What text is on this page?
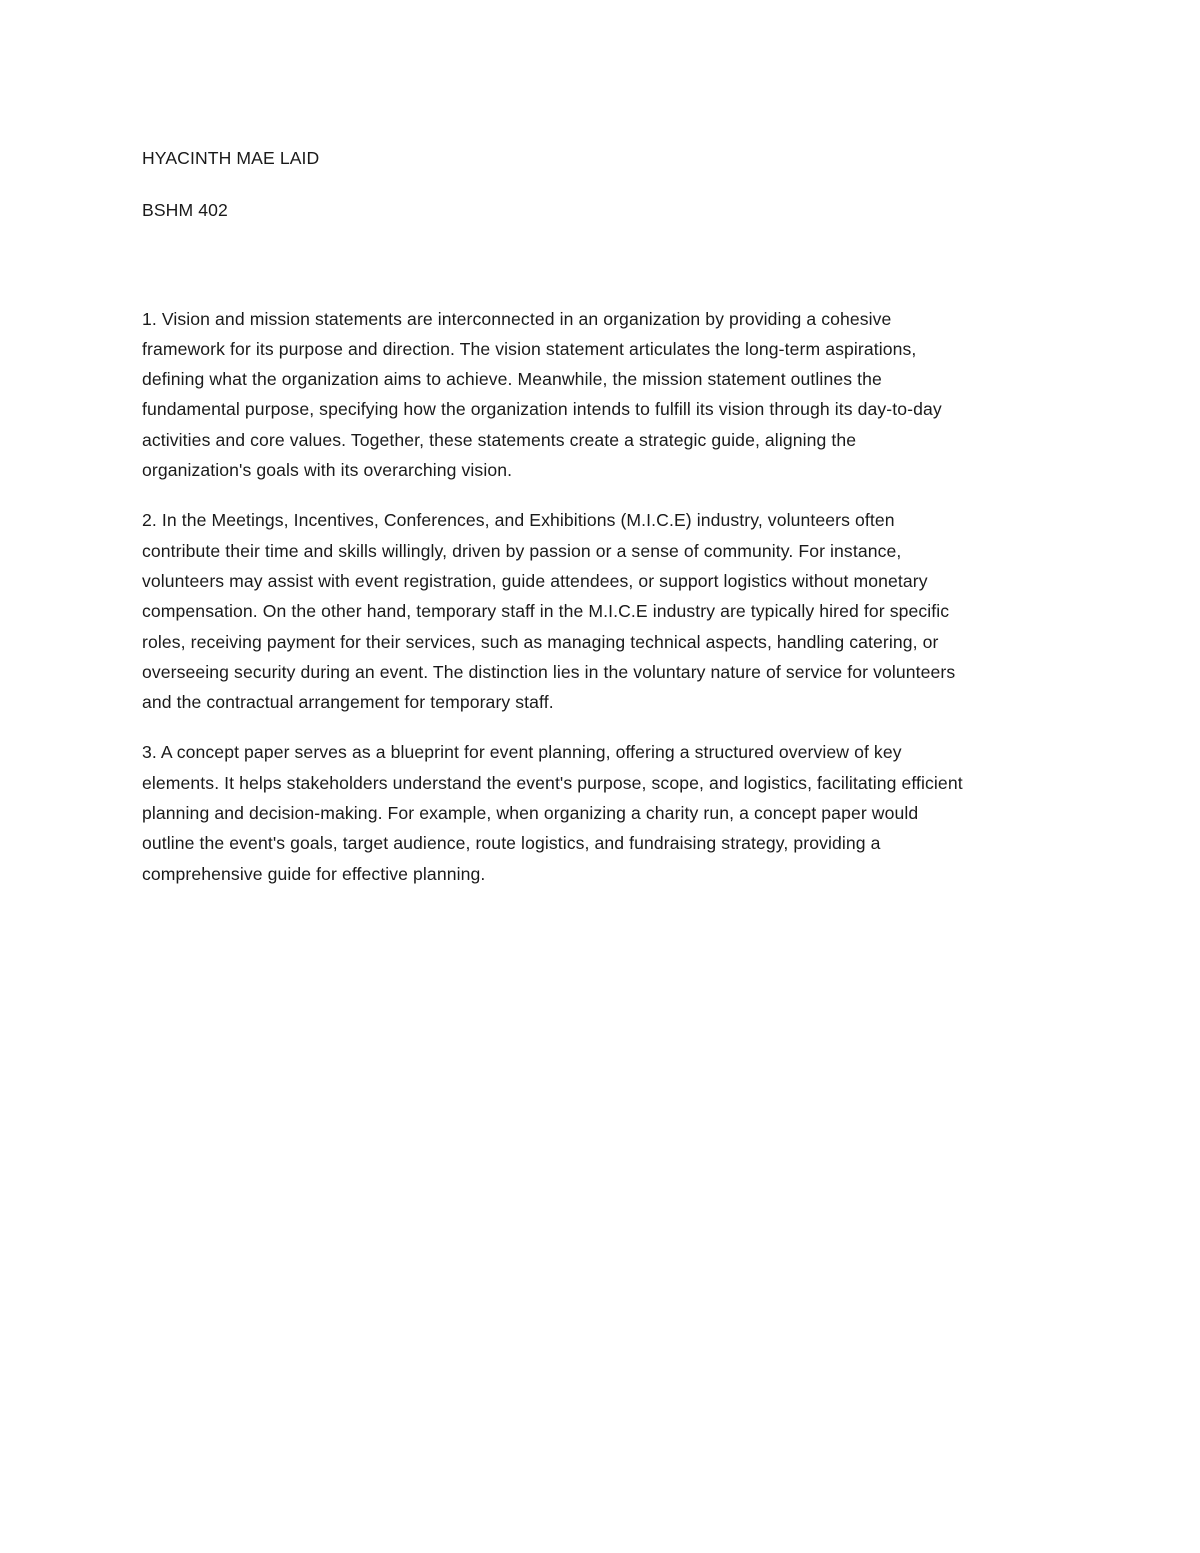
HYACINTH MAE LAID

BSHM 402

1. Vision and mission statements are interconnected in an organization by providing a cohesive

framework for its purpose and direction. The vision statement articulates the long-term aspirations,

defining what the organization aims to achieve. Meanwhile, the mission statement outlines the

fundamental purpose, specifying how the organization intends to fulfill its vision through its day-to-day

activities and core values. Together, these statements create a strategic guide, aligning the

organization's goals with its overarching vision.

2. In the Meetings, Incentives, Conferences, and Exhibitions (M.I.C.E) industry, volunteers often

contribute their time and skills willingly, driven by passion or a sense of community. For instance,

volunteers may assist with event registration, guide attendees, or support logistics without monetary

compensation. On the other hand, temporary staff in the M.I.C.E industry are typically hired for specific

roles, receiving payment for their services, such as managing technical aspects, handling catering, or

overseeing security during an event. The distinction lies in the voluntary nature of service for volunteers

and the contractual arrangement for temporary staff.

3. A concept paper serves as a blueprint for event planning, offering a structured overview of key

elements. It helps stakeholders understand the event's purpose, scope, and logistics, facilitating efficient

planning and decision-making. For example, when organizing a charity run, a concept paper would

outline the event's goals, target audience, route logistics, and fundraising strategy, providing a

comprehensive guide for effective planning.
